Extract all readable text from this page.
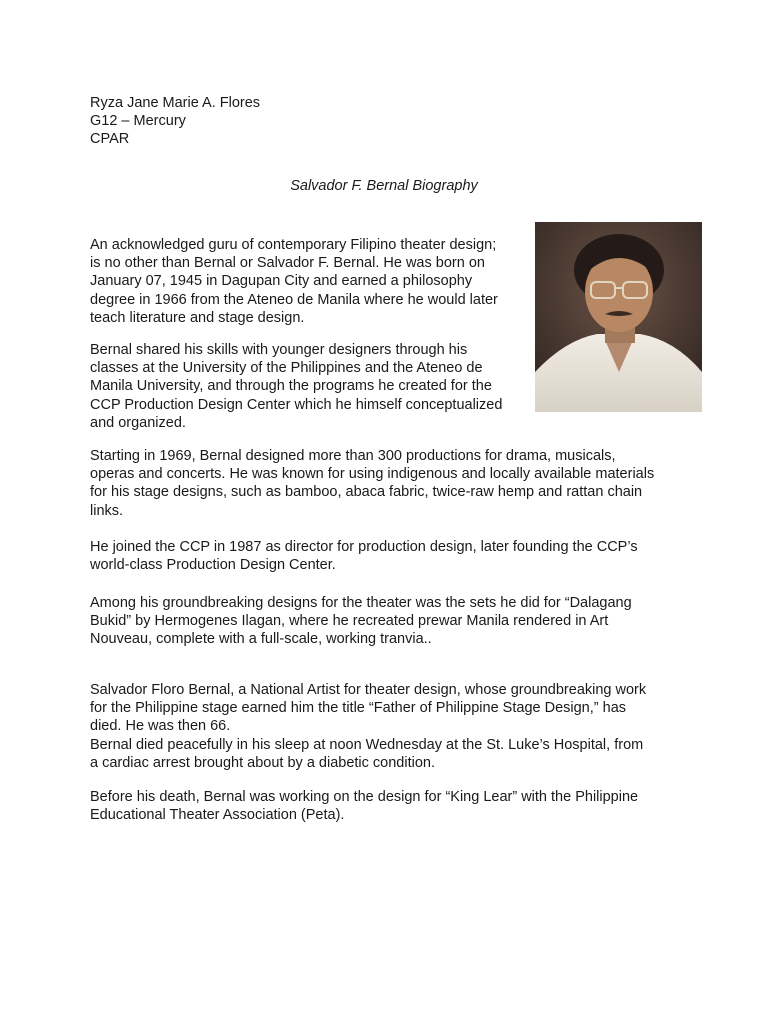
Ryza Jane Marie A. Flores
G12 – Mercury
CPAR
Salvador F. Bernal Biography
An acknowledged guru of contemporary Filipino theater design;
is no other than Bernal or Salvador F. Bernal. He was born on
January 07, 1945 in Dagupan City and earned a philosophy
degree in 1966 from the Ateneo de Manila where he would later
teach literature and stage design.
Bernal shared his skills with younger designers through his
classes at the University of the Philippines and the Ateneo de
Manila University, and through the programs he created for the
CCP Production Design Center which he himself conceptualized
and organized.
Starting in 1969, Bernal designed more than 300 productions for drama, musicals,
operas and concerts. He was known for using indigenous and locally available materials
for his stage designs, such as bamboo, abaca fabric, twice-raw hemp and rattan chain
links.
He joined the CCP in 1987 as director for production design, later founding the CCP’s
world-class Production Design Center.
Among his groundbreaking designs for the theater was the sets he did for “Dalagang
Bukid” by Hermogenes Ilagan, where he recreated prewar Manila rendered in Art
Nouveau, complete with a full-scale, working tranvia..
Salvador Floro Bernal, a National Artist for theater design, whose groundbreaking work
for the Philippine stage earned him the title “Father of Philippine Stage Design,” has
died. He was then 66.
Bernal died peacefully in his sleep at noon Wednesday at the St. Luke’s Hospital, from
a cardiac arrest brought about by a diabetic condition.
Before his death, Bernal was working on the design for “King Lear” with the Philippine
Educational Theater Association (Peta).
